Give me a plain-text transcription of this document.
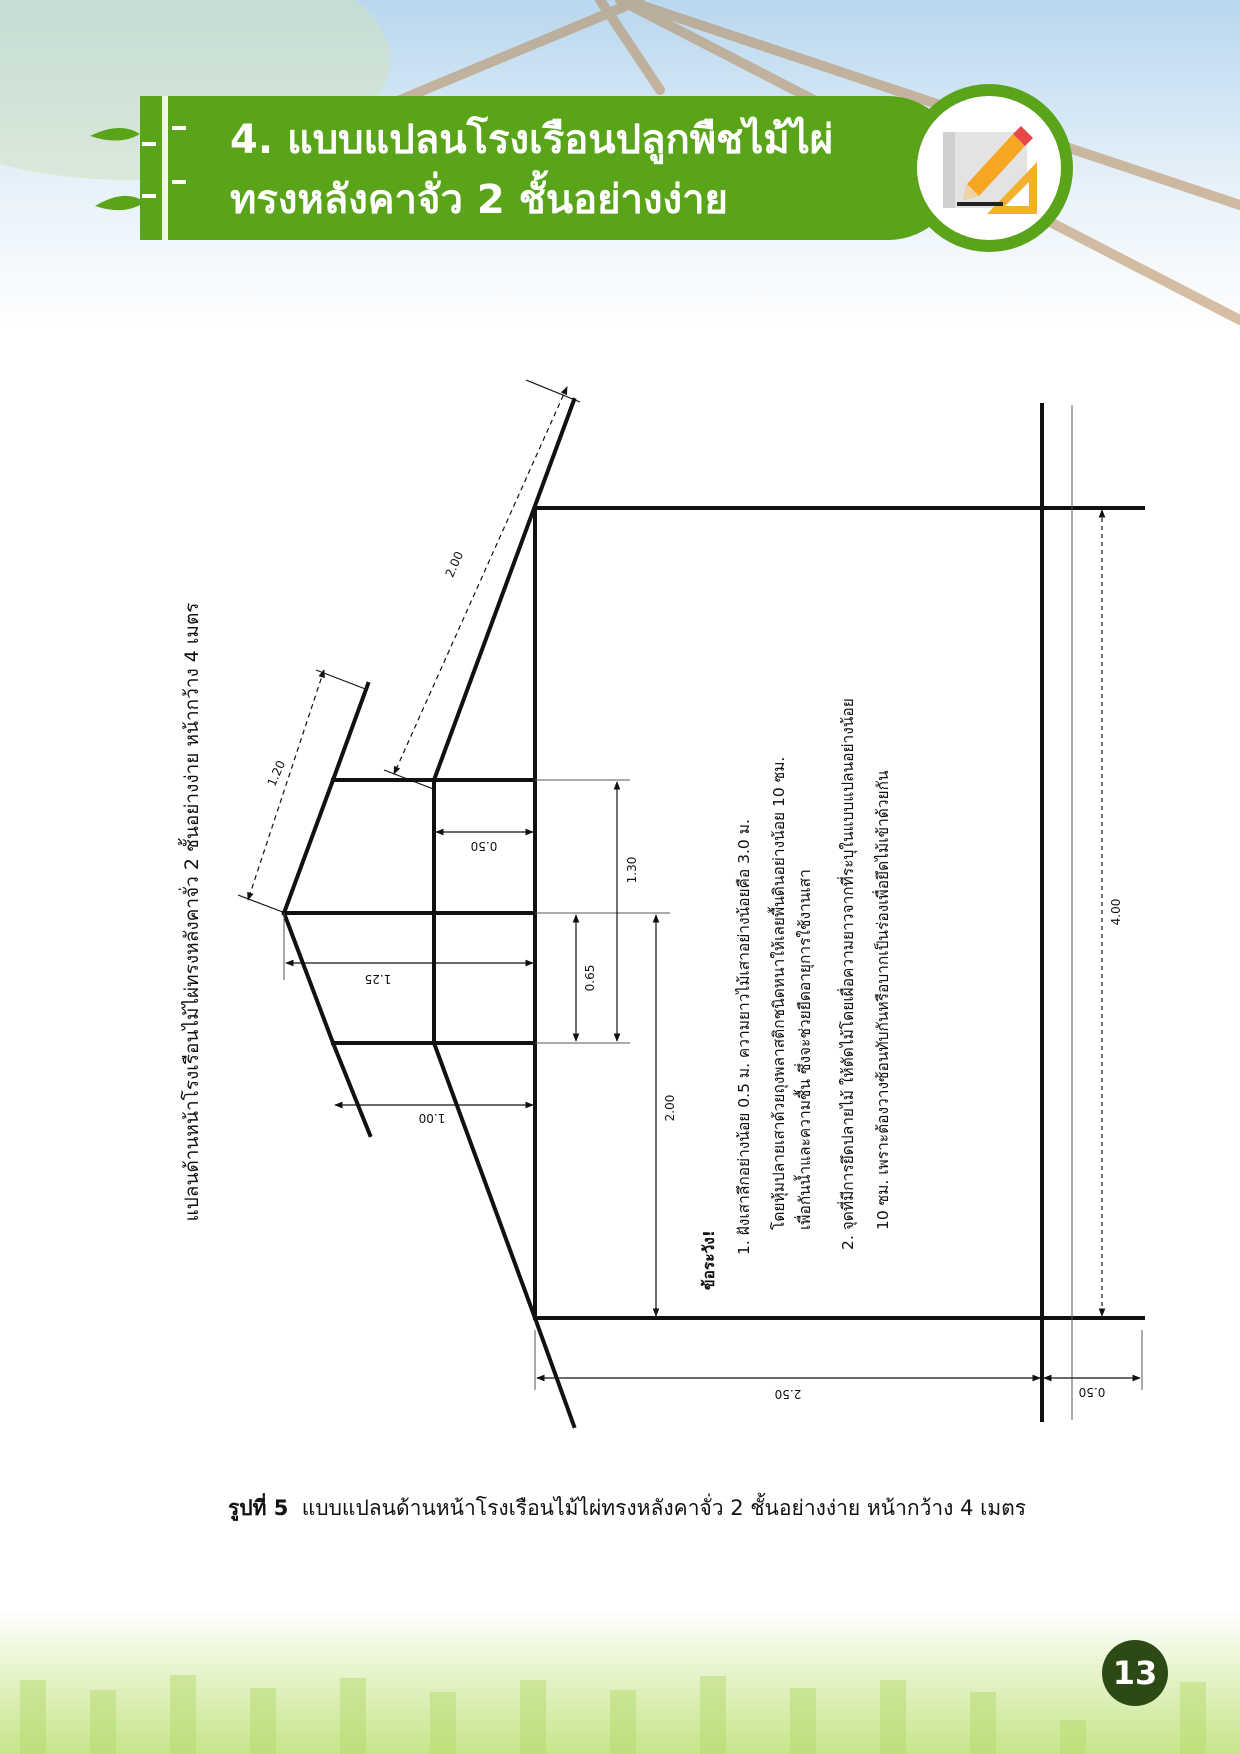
4. แบบแปลนโรงเรือนปลูกพืชไม้ไผ่
ทรงหลังคาจั่ว 2 ชั้นอย่างง่าย
2.00
1.20
0.50
1.25
1.00
1.30
0.65
2.00
2.50	0.50
4.00
แปลนด้านหน้าโรงเรือนไม้ไผ่ทรงหลังคาจั่ว 2 ชั้นอย่างง่าย หน้ากว้าง 4 เมตร
ข้อระวัง!
1. ฝังเสาลึกอย่างน้อย 0.5 ม. ความยาวไม้เสาอย่างน้อยคือ 3.0 ม. โดยหุ้มปลายเสาด้วยถุงพลาสติกชนิดหนาให้เลยพื้นดินอย่างน้อย 10 ซม. เพื่อกันน้ำและความชื้น ซึ่งจะช่วยยืดอายุการใช้งานเสา 2. จุดที่มีการยึดปลายไม้ ให้ตัดไม้โดยเผื่อความยาวจากที่ระบุในแบบแปลนอย่างน้อย 10 ซม. เพราะต้องวางซ้อนทับกันหรือบากเป็นร่องเพื่อยึดไม้เข้าด้วยกัน
รูปที่ 5 แบบแปลนด้านหน้าโรงเรือนไม้ไผ่ทรงหลังคาจั่ว 2 ชั้นอย่างง่าย หน้ากว้าง 4 เมตร
13
